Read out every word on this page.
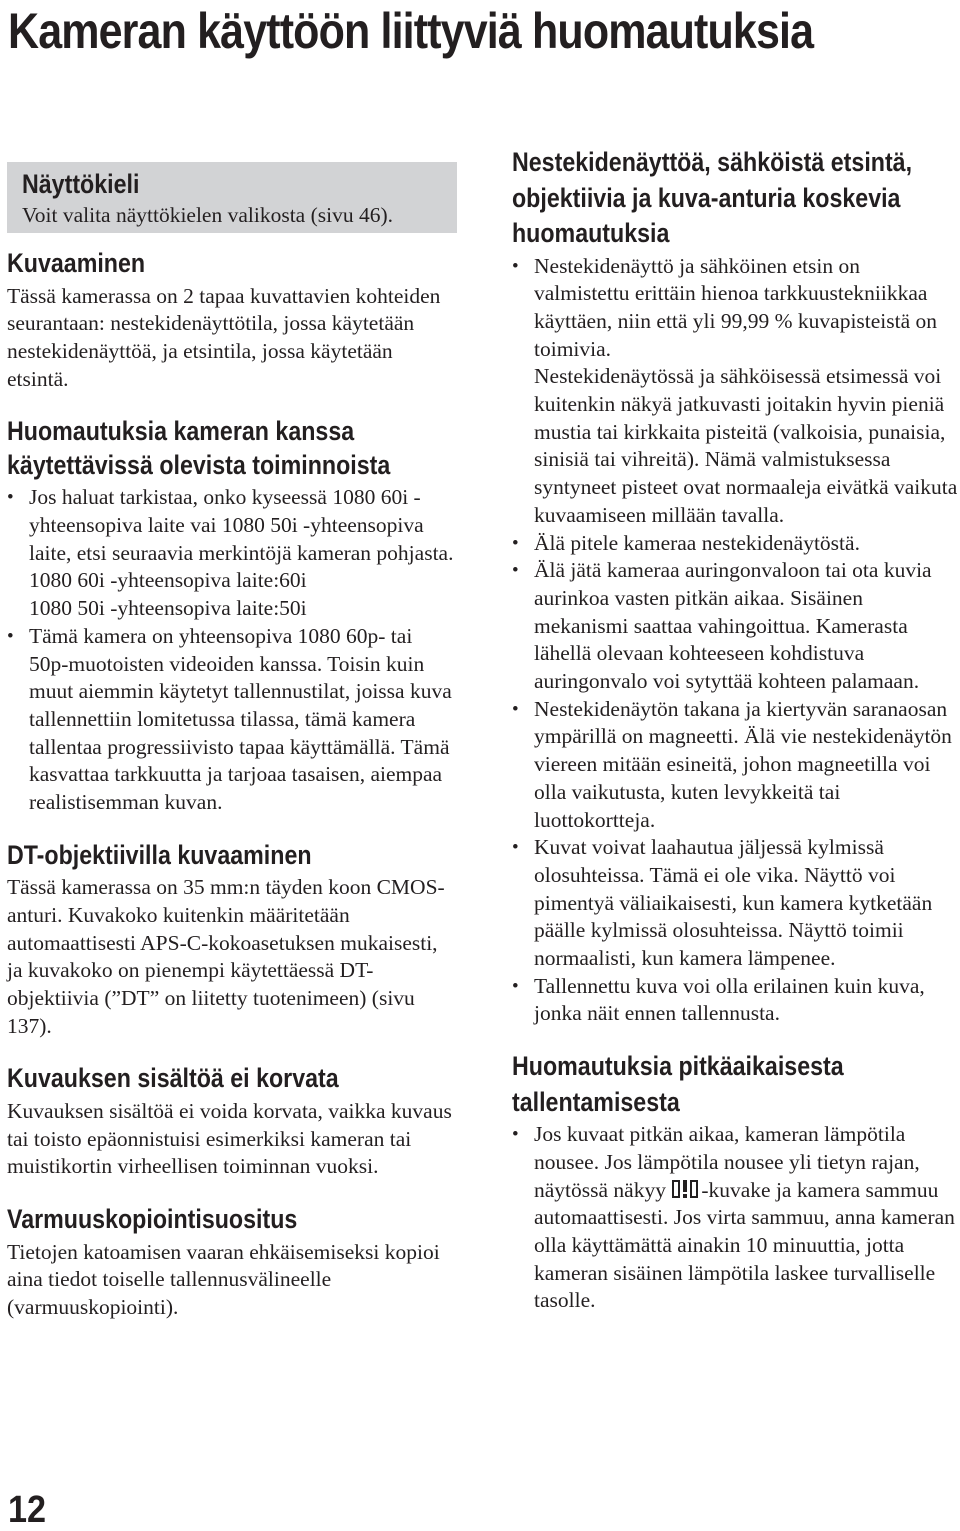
Kameran käyttöön liittyviä huomautuksia
Näyttökieli

Voit valita näyttökielen valikosta (sivu 46).

Kuvaaminen

Tässä kamerassa on 2 tapaa kuvattavien kohteiden seurantaan: nestekidenäyttötila, jossa käytetään nestekidenäyttöä, ja etsintila, jossa käytetään etsintä.

Huomautuksia kameran kanssa käytettävissä olevista toiminnoista
• Jos haluat tarkistaa, onko kyseessä 1080 60i -yhteensopiva laite vai 1080 50i -yhteensopiva laite, etsi seuraavia merkintöjä kameran pohjasta.
1080 60i -yhteensopiva laite:60i
1080 50i -yhteensopiva laite:50i
• Tämä kamera on yhteensopiva 1080 60p- tai 50p-muotoisten videoiden kanssa. Toisin kuin muut aiemmin käytetyt tallennustilat, joissa kuva tallennettiin lomitetussa tilassa, tämä kamera tallentaa progressiivisto tapaa käyttämällä. Tämä kasvattaa tarkkuutta ja tarjoaa tasaisen, aiempaa realistisemman kuvan.
DT-objektiivilla kuvaaminen

Tässä kamerassa on 35 mm:n täyden koon CMOS-anturi. Kuvakoko kuitenkin määritetään automaattisesti APS-C-kokoasetuksen mukaisesti, ja kuvakoko on pienempi käytettäessä DT-objektiivia (”DT” on liitetty tuotenimeen) (sivu 137).

Kuvauksen sisältöä ei korvata

Kuvauksen sisältöä ei voida korvata, vaikka kuvaus tai toisto epäonnistuisi esimerkiksi kameran tai muistikortin virheellisen toiminnan vuoksi.

Varmuuskopiointisuositus

Tietojen katoamisen vaaran ehkäisemiseksi kopioi aina tiedot toiselle tallennusvälineelle (varmuuskopiointi).

Nestekidenäyttöä, sähköistä etsintä,
objektiivia ja kuva-anturia koskevia
huomautuksia
• Nestekidenäyttö ja sähköinen etsin on valmistettu erittäin hienoa tarkkuustekniikkaa käyttäen, niin että yli 99,99 % kuvapisteistä on toimivia.
Nestekidenäytössä ja sähköisessä etsimessä voi kuitenkin näkyä jatkuvasti joitakin hyvin pieniä mustia tai kirkkaita pisteitä (valkoisia, punaisia, sinisiä tai vihreitä). Nämä valmistuksessa syntyneet pisteet ovat normaaleja eivätkä vaikuta kuvaamiseen millään tavalla.
• Älä pitele kameraa nestekidenäytöstä.
• Älä jätä kameraa auringonvaloon tai ota kuvia aurinkoa vasten pitkän aikaa. Sisäinen mekanismi saattaa vahingoittua. Kamerasta lähellä olevaan kohteeseen kohdistuva auringonvalo voi sytyttää kohteen palamaan.
• Nestekidenäytön takana ja kiertyvän saranaosan ympärillä on magneetti. Älä vie nestekidenäytön viereen mitään esineitä, johon magneetilla voi olla vaikutusta, kuten levykkeitä tai luottokortteja.
• Kuvat voivat laahautua jäljessä kylmissä olosuhteissa. Tämä ei ole vika. Näyttö voi pimentyä väliaikaisesti, kun kamera kytketään päälle kylmissä olosuhteissa. Näyttö toimii normaalisti, kun kamera lämpenee.
• Tallennettu kuva voi olla erilainen kuin kuva, jonka näit ennen tallennusta.
Huomautuksia pitkäaikaisesta
tallentamisesta
• Jos kuvaat pitkän aikaa, kameran lämpötila nousee. Jos lämpötila nousee yli tietyn rajan, näytössä näkyy -kuvake ja kamera sammuu automaattisesti. Jos virta sammuu, anna kameran olla käyttämättä ainakin 10 minuuttia, jotta kameran sisäinen lämpötila laskee turvalliselle tasolle.
12
